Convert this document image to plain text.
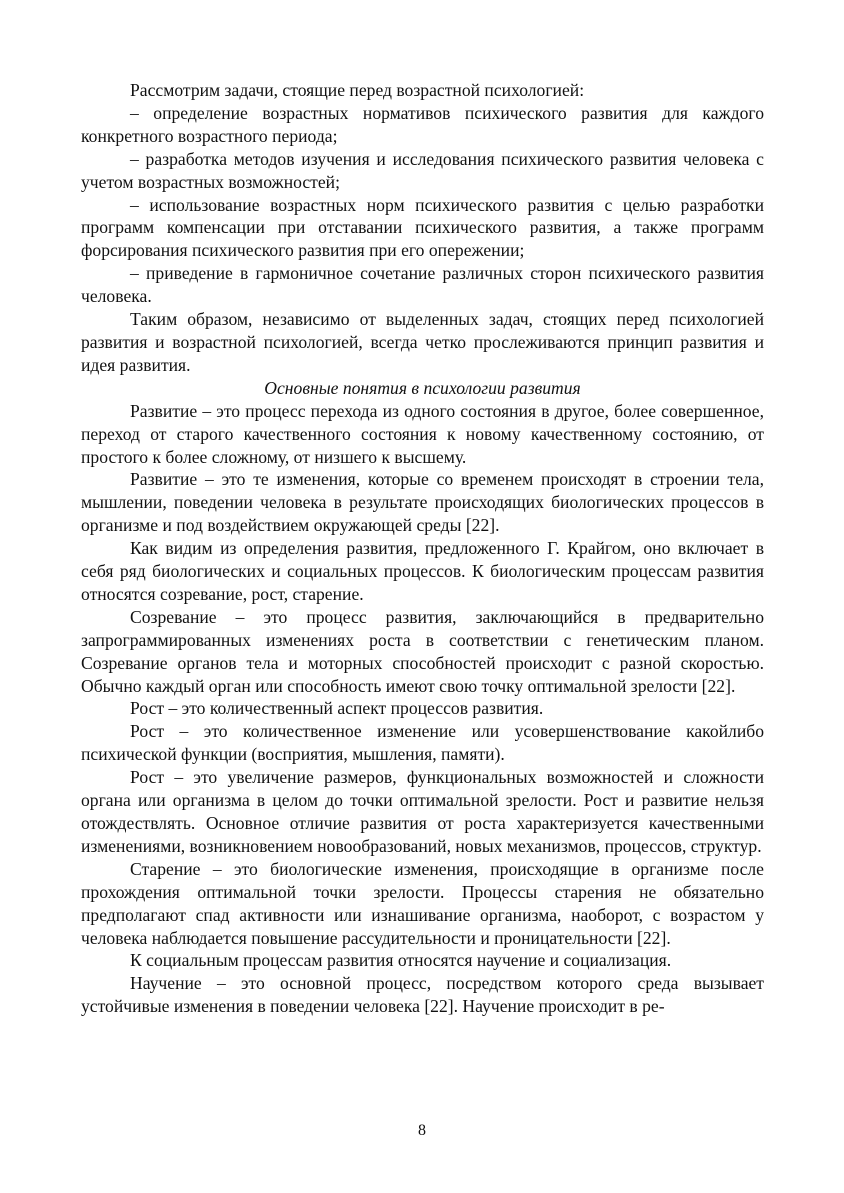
Рассмотрим задачи, стоящие перед возрастной психологией:

– определение возрастных нормативов психического развития для каждого конкретного возрастного периода;

– разработка методов изучения и исследования психического развития человека с учетом возрастных возможностей;

– использование возрастных норм психического развития с целью разработки программ компенсации при отставании психического развития, а также программ форсирования психического развития при его опережении;

– приведение в гармоничное сочетание различных сторон психического развития человека.

Таким образом, независимо от выделенных задач, стоящих перед психологией развития и возрастной психологией, всегда четко прослеживаются принцип развития и идея развития.

Основные понятия в психологии развития

Развитие – это процесс перехода из одного состояния в другое, более совершенное, переход от старого качественного состояния к новому качественному состоянию, от простого к более сложному, от низшего к высшему.

Развитие – это те изменения, которые со временем происходят в строении тела, мышлении, поведении человека в результате происходящих биологических процессов в организме и под воздействием окружающей среды [22].

Как видим из определения развития, предложенного Г. Крайгом, оно включает в себя ряд биологических и социальных процессов. К биологическим процессам развития относятся созревание, рост, старение.

Созревание – это процесс развития, заключающийся в предварительно запрограммированных изменениях роста в соответствии с генетическим планом. Созревание органов тела и моторных способностей происходит с разной скоростью. Обычно каждый орган или способность имеют свою точку оптимальной зрелости [22].

Рост – это количественный аспект процессов развития.

Рост – это количественное изменение или усовершенствование какойлибо психической функции (восприятия, мышления, памяти).

Рост – это увеличение размеров, функциональных возможностей и сложности органа или организма в целом до точки оптимальной зрелости. Рост и развитие нельзя отождествлять. Основное отличие развития от роста характеризуется качественными изменениями, возникновением новообразований, новых механизмов, процессов, структур.

Старение – это биологические изменения, происходящие в организме после прохождения оптимальной точки зрелости. Процессы старения не обязательно предполагают спад активности или изнашивание организма, наоборот, с возрастом у человека наблюдается повышение рассудительности и проницательности [22].

К социальным процессам развития относятся научение и социализация.

Научение – это основной процесс, посредством которого среда вызывает устойчивые изменения в поведении человека [22]. Научение происходит в ре-

8
